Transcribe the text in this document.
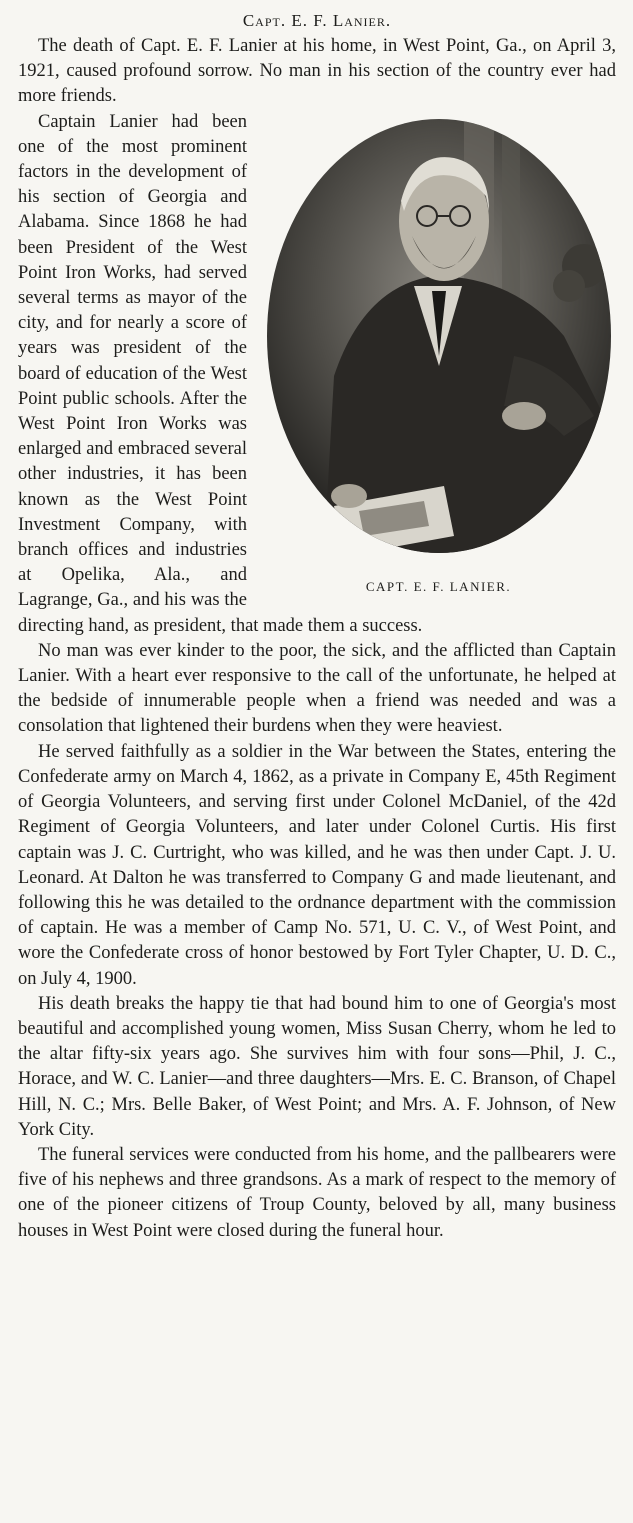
Capt. E. F. Lanier.

The death of Capt. E. F. Lanier at his home, in West Point, Ga., on April 3, 1921, caused profound sorrow. No man in his section of the country ever had more friends.

CAPT. E. F. LANIER.

Captain Lanier had been one of the most prominent factors in the development of his section of Georgia and Alabama. Since 1868 he had been President of the West Point Iron Works, had served several terms as mayor of the city, and for nearly a score of years was president of the board of education of the West Point public schools. After the West Point Iron Works was enlarged and embraced several other industries, it has been known as the West Point Investment Company, with branch offices and industries at Opelika, Ala., and Lagrange, Ga., and his was the directing hand, as president, that made them a success.

No man was ever kinder to the poor, the sick, and the afflicted than Captain Lanier. With a heart ever responsive to the call of the unfortunate, he helped at the bedside of innumerable people when a friend was needed and was a consolation that lightened their burdens when they were heaviest.

He served faithfully as a soldier in the War between the States, entering the Confederate army on March 4, 1862, as a private in Company E, 45th Regiment of Georgia Volunteers, and serving first under Colonel McDaniel, of the 42d Regiment of Georgia Volunteers, and later under Colonel Curtis. His first captain was J. C. Curtright, who was killed, and he was then under Capt. J. U. Leonard. At Dalton he was transferred to Company G and made lieutenant, and following this he was detailed to the ordnance department with the commission of captain. He was a member of Camp No. 571, U. C. V., of West Point, and wore the Confederate cross of honor bestowed by Fort Tyler Chapter, U. D. C., on July 4, 1900.

His death breaks the happy tie that had bound him to one of Georgia's most beautiful and accomplished young women, Miss Susan Cherry, whom he led to the altar fifty-six years ago. She survives him with four sons—Phil, J. C., Horace, and W. C. Lanier—and three daughters—Mrs. E. C. Branson, of Chapel Hill, N. C.; Mrs. Belle Baker, of West Point; and Mrs. A. F. Johnson, of New York City.

The funeral services were conducted from his home, and the pallbearers were five of his nephews and three grandsons. As a mark of respect to the memory of one of the pioneer citizens of Troup County, beloved by all, many business houses in West Point were closed during the funeral hour.
